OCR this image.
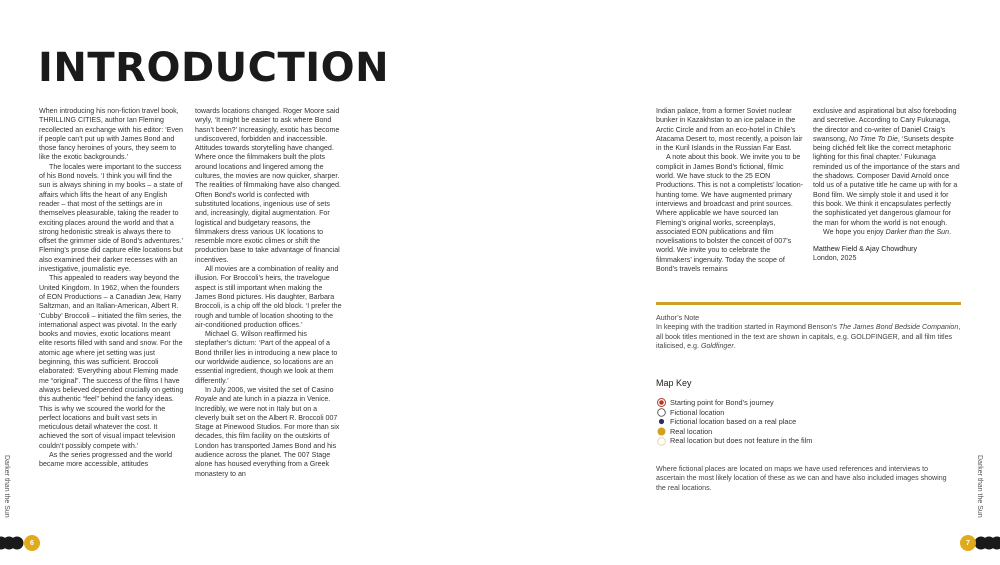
INTRODUCTION

When introducing his non-fiction travel book, THRILLING CITIES, author Ian Fleming recollected an exchange with his editor: ‘Even if people can’t put up with James Bond and those fancy heroines of yours, they seem to like the exotic backgrounds.’

The locales were important to the success of his Bond novels. ‘I think you will find the sun is always shining in my books – a state of affairs which lifts the heart of any English reader – that most of the settings are in themselves pleasurable, taking the reader to exciting places around the world and that a strong hedonistic streak is always there to offset the grimmer side of Bond’s adventures.’ Fleming’s prose did capture elite locations but also examined their darker recesses with an investigative, journalistic eye.

This appealed to readers way beyond the United Kingdom. In 1962, when the founders of EON Productions – a Canadian Jew, Harry Saltzman, and an Italian-American, Albert R. ‘Cubby’ Broccoli – initiated the film series, the international aspect was pivotal. In the early books and movies, exotic locations meant elite resorts filled with sand and snow. For the atomic age where jet setting was just beginning, this was sufficient. Broccoli elaborated: ‘Everything about Fleming made me “original”. The success of the films I have always believed depended crucially on getting this authentic “feel” behind the fancy ideas. This is why we scoured the world for the perfect locations and built vast sets in meticulous detail whatever the cost. It achieved the sort of visual impact television couldn’t possibly compete with.’

As the series progressed and the world became more accessible, attitudes

towards locations changed. Roger Moore said wryly, ‘It might be easier to ask where Bond hasn’t been?’ Increasingly, exotic has become undiscovered, forbidden and inaccessible. Attitudes towards storytelling have changed. Where once the filmmakers built the plots around locations and lingered among the cultures, the movies are now quicker, sharper. The realities of filmmaking have also changed. Often Bond’s world is confected with substituted locations, ingenious use of sets and, increasingly, digital augmentation. For logistical and budgetary reasons, the filmmakers dress various UK locations to resemble more exotic climes or shift the production base to take advantage of financial incentives.

All movies are a combination of reality and illusion. For Broccoli’s heirs, the travelogue aspect is still important when making the James Bond pictures. His daughter, Barbara Broccoli, is a chip off the old block. ‘I prefer the rough and tumble of location shooting to the air-conditioned production offices.’

Michael G. Wilson reaffirmed his stepfather’s dictum: ‘Part of the appeal of a Bond thriller lies in introducing a new place to our worldwide audience, so locations are an essential ingredient, though we look at them differently.’

In July 2006, we visited the set of Casino Royale and ate lunch in a piazza in Venice. Incredibly, we were not in Italy but on a cleverly built set on the Albert R. Broccoli 007 Stage at Pinewood Studios. For more than six decades, this film facility on the outskirts of London has transported James Bond and his audience across the planet. The 007 Stage alone has housed everything from a Greek monastery to an

Indian palace, from a former Soviet nuclear bunker in Kazakhstan to an ice palace in the Arctic Circle and from an eco-hotel in Chile’s Atacama Desert to, most recently, a poison lair in the Kuril Islands in the Russian Far East.

A note about this book. We invite you to be complicit in James Bond’s fictional, filmic world. We have stuck to the 25 EON Productions. This is not a completists’ location-hunting tome. We have augmented primary interviews and broadcast and print sources. Where applicable we have sourced Ian Fleming’s original works, screenplays, associated EON publications and film novelisations to bolster the conceit of 007’s world. We invite you to celebrate the filmmakers’ ingenuity. Today the scope of Bond’s travels remains

exclusive and aspirational but also foreboding and secretive. According to Cary Fukunaga, the director and co-writer of Daniel Craig’s swansong, No Time To Die, ‘Sunsets despite being clichéd felt like the correct metaphoric lighting for this final chapter.’ Fukunaga reminded us of the importance of the stars and the shadows. Composer David Arnold once told us of a putative title he came up with for a Bond film. We simply stole it and used it for this book. We think it encapsulates perfectly the sophisticated yet dangerous glamour for the man for whom the world is not enough.

We hope you enjoy Darker than the Sun.

Matthew Field & Ajay Chowdhury

London, 2025

Author’s Note

In keeping with the tradition started in Raymond Benson’s The James Bond Bedside Companion, all book titles mentioned in the text are shown in capitals, e.g. GOLDFINGER, and all film titles italicised, e.g. Goldfinger.

Map Key
Starting point for Bond’s journey
Fictional location
Fictional location based on a real place
Real location
Real location but does not feature in the film
Where fictional places are located on maps we have used references and interviews to ascertain the most likely location of these as we can and have also included images showing the real locations.
Darker than the Sun	Darker than the Sun
6	7
